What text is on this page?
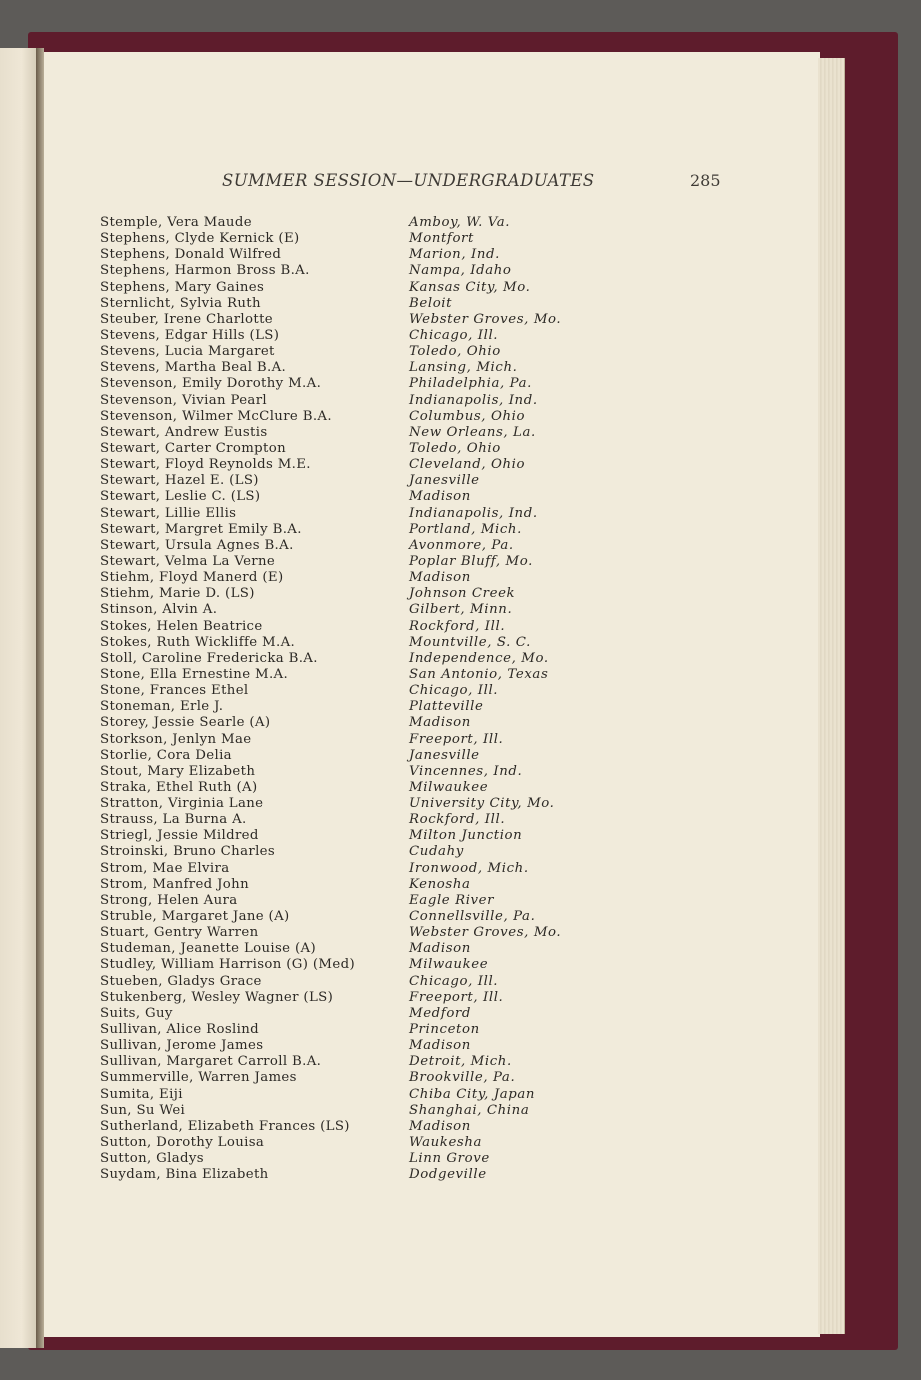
SUMMER SESSION—UNDERGRADUATES	285
Stemple, Vera Maude	Amboy, W. Va.
Stephens, Clyde Kernick (E)	Montfort
Stephens, Donald Wilfred	Marion, Ind.
Stephens, Harmon Bross B.A.	Nampa, Idaho
Stephens, Mary Gaines	Kansas City, Mo.
Sternlicht, Sylvia Ruth	Beloit
Steuber, Irene Charlotte	Webster Groves, Mo.
Stevens, Edgar Hills (LS)	Chicago, Ill.
Stevens, Lucia Margaret	Toledo, Ohio
Stevens, Martha Beal B.A.	Lansing, Mich.
Stevenson, Emily Dorothy M.A.	Philadelphia, Pa.
Stevenson, Vivian Pearl	Indianapolis, Ind.
Stevenson, Wilmer McClure B.A.	Columbus, Ohio
Stewart, Andrew Eustis	New Orleans, La.
Stewart, Carter Crompton	Toledo, Ohio
Stewart, Floyd Reynolds M.E.	Cleveland, Ohio
Stewart, Hazel E. (LS)	Janesville
Stewart, Leslie C. (LS)	Madison
Stewart, Lillie Ellis	Indianapolis, Ind.
Stewart, Margret Emily B.A.	Portland, Mich.
Stewart, Ursula Agnes B.A.	Avonmore, Pa.
Stewart, Velma La Verne	Poplar Bluff, Mo.
Stiehm, Floyd Manerd (E)	Madison
Stiehm, Marie D. (LS)	Johnson Creek
Stinson, Alvin A.	Gilbert, Minn.
Stokes, Helen Beatrice	Rockford, Ill.
Stokes, Ruth Wickliffe M.A.	Mountville, S. C.
Stoll, Caroline Fredericka B.A.	Independence, Mo.
Stone, Ella Ernestine M.A.	San Antonio, Texas
Stone, Frances Ethel	Chicago, Ill.
Stoneman, Erle J.	Platteville
Storey, Jessie Searle (A)	Madison
Storkson, Jenlyn Mae	Freeport, Ill.
Storlie, Cora Delia	Janesville
Stout, Mary Elizabeth	Vincennes, Ind.
Straka, Ethel Ruth (A)	Milwaukee
Stratton, Virginia Lane	University City, Mo.
Strauss, La Burna A.	Rockford, Ill.
Striegl, Jessie Mildred	Milton Junction
Stroinski, Bruno Charles	Cudahy
Strom, Mae Elvira	Ironwood, Mich.
Strom, Manfred John	Kenosha
Strong, Helen Aura	Eagle River
Struble, Margaret Jane (A)	Connellsville, Pa.
Stuart, Gentry Warren	Webster Groves, Mo.
Studeman, Jeanette Louise (A)	Madison
Studley, William Harrison (G) (Med)	Milwaukee
Stueben, Gladys Grace	Chicago, Ill.
Stukenberg, Wesley Wagner (LS)	Freeport, Ill.
Suits, Guy	Medford
Sullivan, Alice Roslind	Princeton
Sullivan, Jerome James	Madison
Sullivan, Margaret Carroll B.A.	Detroit, Mich.
Summerville, Warren James	Brookville, Pa.
Sumita, Eiji	Chiba City, Japan
Sun, Su Wei	Shanghai, China
Sutherland, Elizabeth Frances (LS)	Madison
Sutton, Dorothy Louisa	Waukesha
Sutton, Gladys	Linn Grove
Suydam, Bina Elizabeth	Dodgeville
